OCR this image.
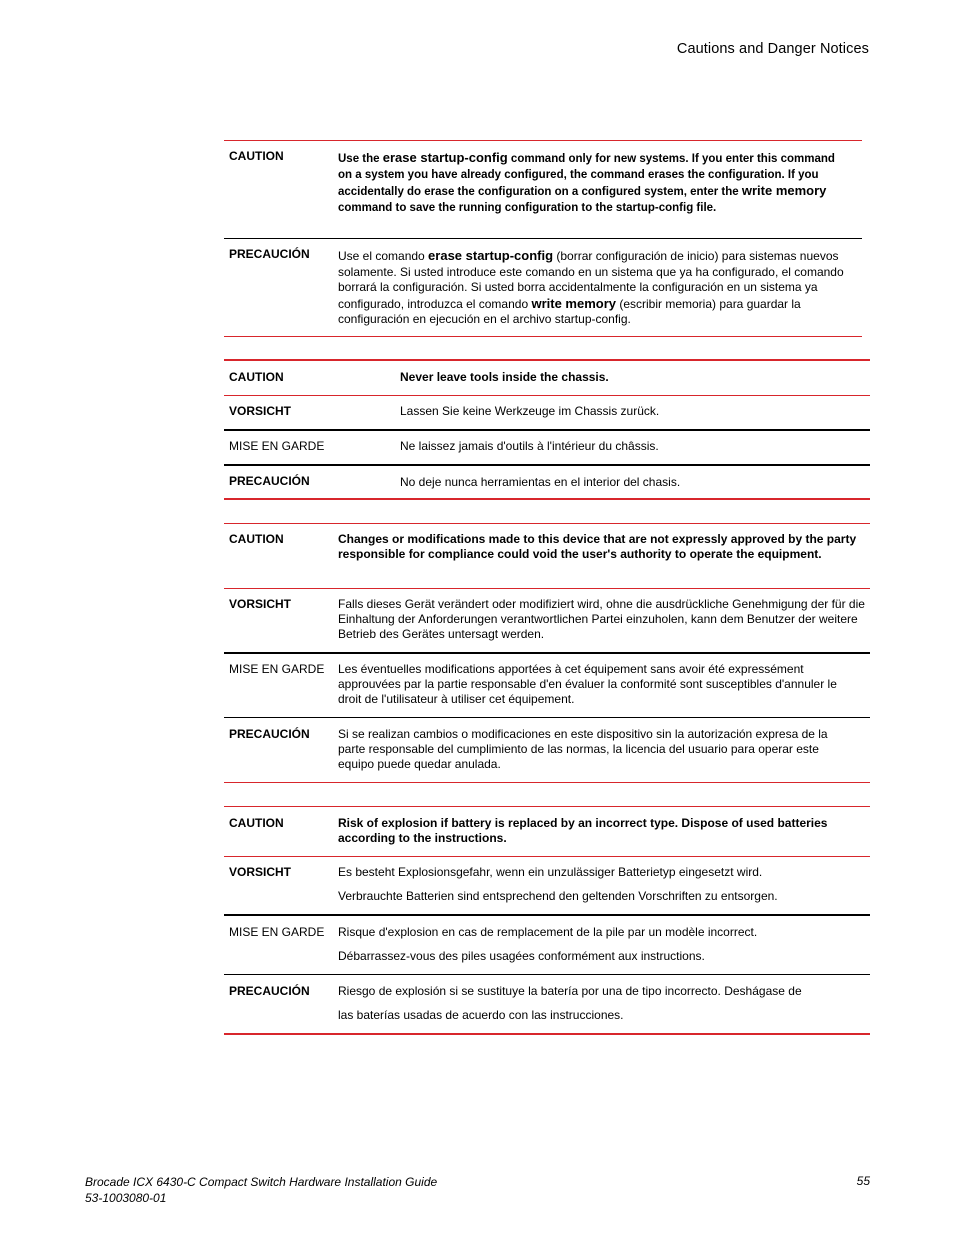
Cautions and Danger Notices
CAUTION	Use the erase startup-config command only for new systems. If you enter this command on a system you have already configured, the command erases the configuration. If you accidentally do erase the configuration on a configured system, enter the write memory command to save the running configuration to the startup-config file.
PRECAUCIÓN Use el comando erase startup-config (borrar configuración de inicio) para sistemas nuevos solamente. Si usted introduce este comando en un sistema que ya ha configurado, el comando borrará la configuración. Si usted borra accidentalmente la configuración en un sistema ya configurado, introduzca el comando write memory (escribir memoria) para guardar la configuración en ejecución en el archivo startup-config.
CAUTION	Never leave tools inside the chassis.
VORSICHT	Lassen Sie keine Werkzeuge im Chassis zurück.
MISE EN GARDE	Ne laissez jamais d'outils à l'intérieur du châssis.
PRECAUCIÓN	No deje nunca herramientas en el interior del chasis.
CAUTION	Changes or modifications made to this device that are not expressly approved by the party responsible for compliance could void the user's authority to operate the equipment.
VORSICHT	Falls dieses Gerät verändert oder modifiziert wird, ohne die ausdrückliche Genehmigung der für die Einhaltung der Anforderungen verantwortlichen Partei einzuholen, kann dem Benutzer der weitere Betrieb des Gerätes untersagt werden.
MISE EN GARDE Les éventuelles modifications apportées à cet équipement sans avoir été expressément approuvées par la partie responsable d'en évaluer la conformité sont susceptibles d'annuler le droit de l'utilisateur à utiliser cet équipement.
PRECAUCIÓN Si se realizan cambios o modificaciones en este dispositivo sin la autorización expresa de la parte responsable del cumplimiento de las normas, la licencia del usuario para operar este equipo puede quedar anulada.
CAUTION	Risk of explosion if battery is replaced by an incorrect type. Dispose of used batteries according to the instructions.
VORSICHT	Es besteht Explosionsgefahr, wenn ein unzulässiger Batterietyp eingesetzt wird.
Verbrauchte Batterien sind entsprechend den geltenden Vorschriften zu entsorgen.
MISE EN GARDE Risque d'explosion en cas de remplacement de la pile par un modèle incorrect.
Débarrassez-vous des piles usagées conformément aux instructions.
PRECAUCIÓN Riesgo de explosión si se sustituye la batería por una de tipo incorrecto. Deshágase de
las baterías usadas de acuerdo con las instrucciones.
Brocade ICX 6430-C Compact Switch Hardware Installation Guide
53-1003080-01
55
